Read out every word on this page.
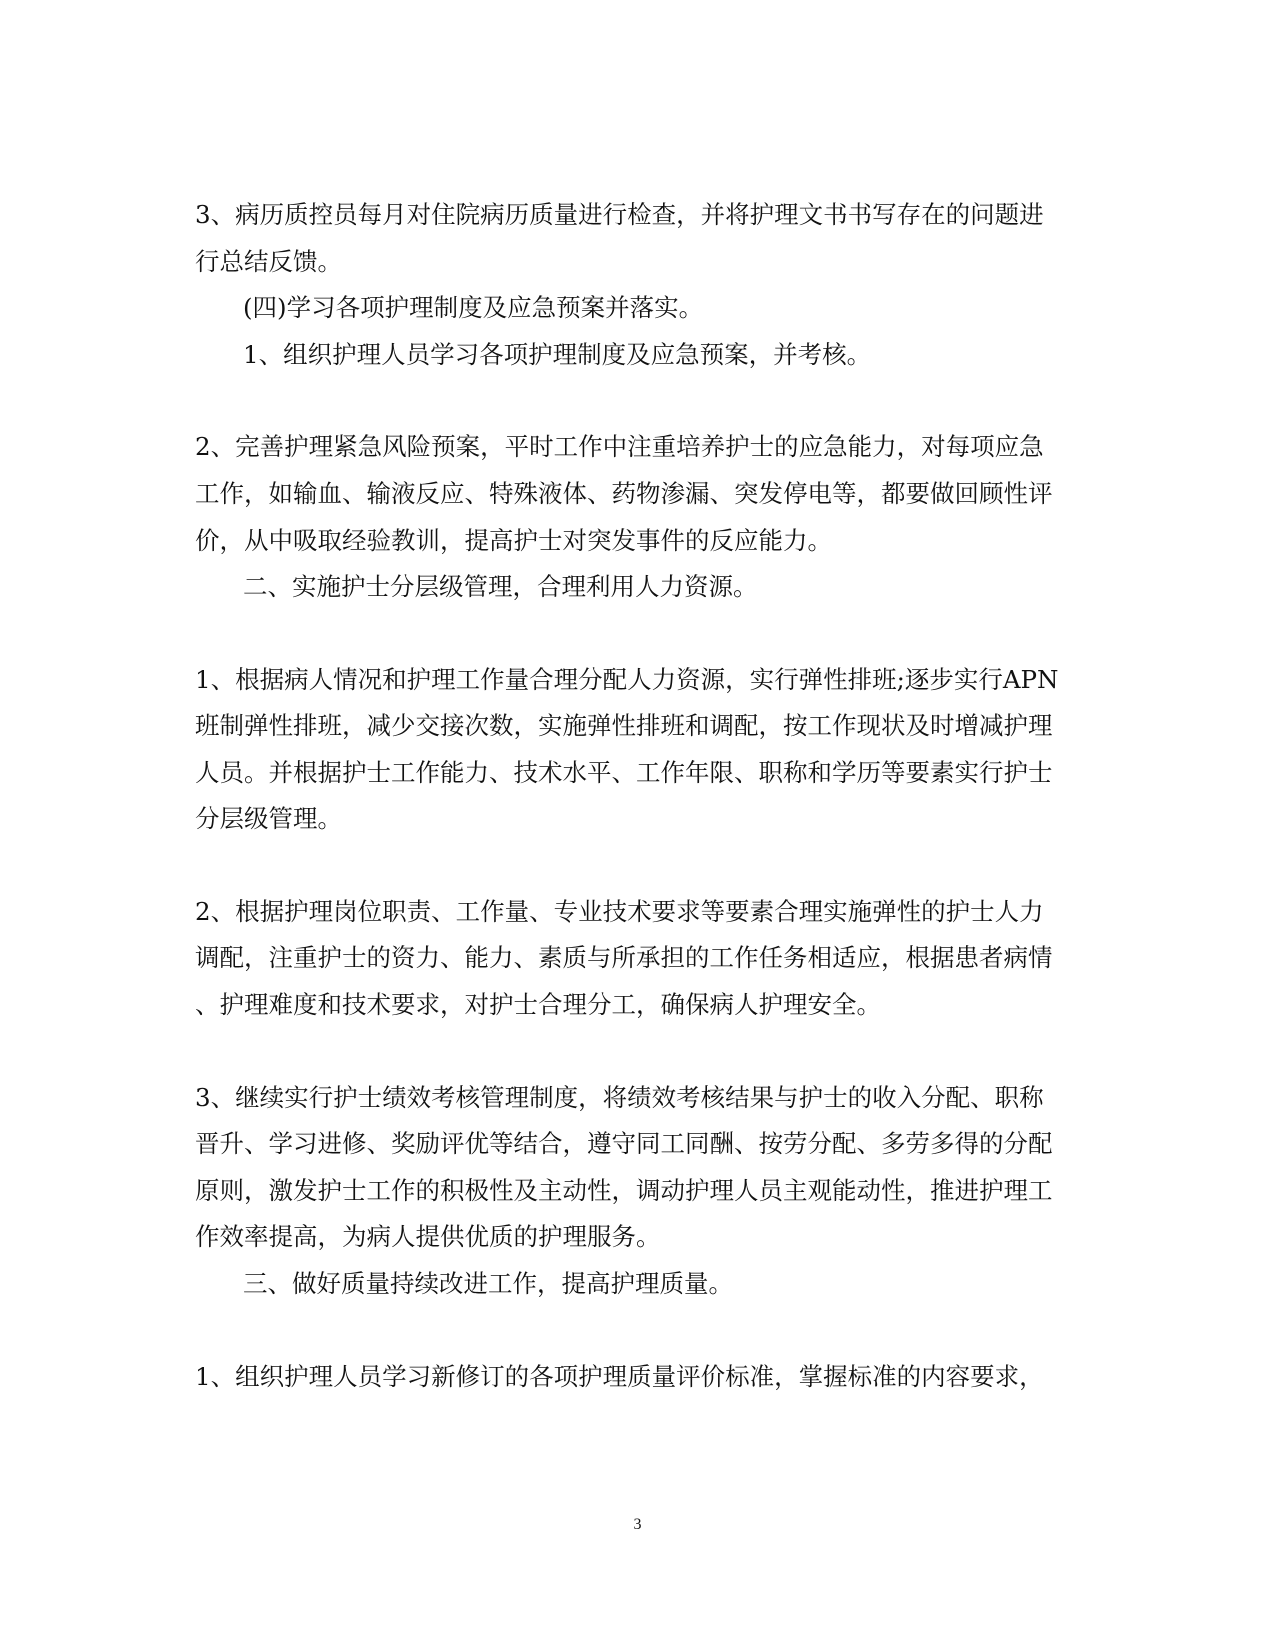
3、病历质控员每月对住院病历质量进行检查，并将护理文书书写存在的问题进

行总结反馈。

(四)学习各项护理制度及应急预案并落实。

1、组织护理人员学习各项护理制度及应急预案，并考核。

2、完善护理紧急风险预案，平时工作中注重培养护士的应急能力，对每项应急

工作，如输血、输液反应、特殊液体、药物渗漏、突发停电等，都要做回顾性评

价，从中吸取经验教训，提高护士对突发事件的反应能力。

二、实施护士分层级管理，合理利用人力资源。

1、根据病人情况和护理工作量合理分配人力资源，实行弹性排班;逐步实行APN

班制弹性排班，减少交接次数，实施弹性排班和调配，按工作现状及时增减护理

人员。并根据护士工作能力、技术水平、工作年限、职称和学历等要素实行护士

分层级管理。

2、根据护理岗位职责、工作量、专业技术要求等要素合理实施弹性的护士人力

调配，注重护士的资力、能力、素质与所承担的工作任务相适应，根据患者病情

、护理难度和技术要求，对护士合理分工，确保病人护理安全。

3、继续实行护士绩效考核管理制度，将绩效考核结果与护士的收入分配、职称

晋升、学习进修、奖励评优等结合，遵守同工同酬、按劳分配、多劳多得的分配

原则，激发护士工作的积极性及主动性，调动护理人员主观能动性，推进护理工

作效率提高，为病人提供优质的护理服务。

三、做好质量持续改进工作，提高护理质量。

1、组织护理人员学习新修订的各项护理质量评价标准，掌握标准的内容要求，

3
